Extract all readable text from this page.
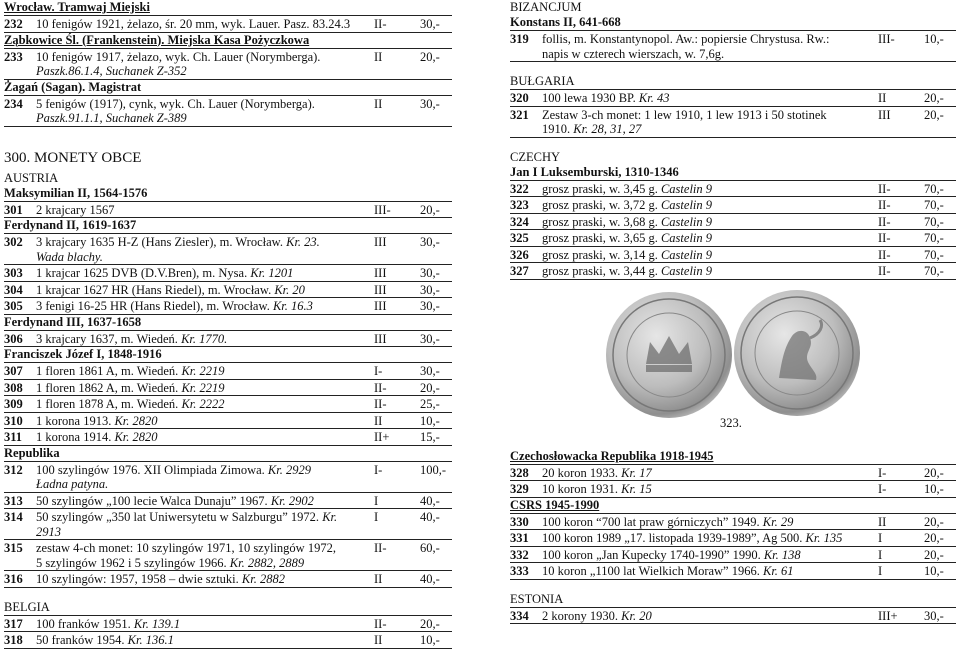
Wrocław. Tramwaj Miejski
232	10 fenigów 1921, żelazo, śr. 20 mm, wyk. Lauer. Pasz. 83.24.3	II-	30,-
Ząbkowice Śl. (Frankenstein). Miejska Kasa Pożyczkowa
233	10 fenigów 1917, żelazo, wyk. Ch. Lauer (Norymberga).
Paszk.86.1.4, Suchanek Z-352
II	20,-
Żagań (Sagan). Magistrat
234	5 fenigów (1917), cynk, wyk. Ch. Lauer (Norymberga).
Paszk.91.1.1, Suchanek Z-389
II	30,-
300. MONETY OBCE
AUSTRIA
Maksymilian II, 1564-1576
301	2 krajcary 1567	III-	20,-
Ferdynand II, 1619-1637
302	3 krajcary 1635 H-Z (Hans Ziesler), m. Wrocław. Kr. 23.
Wada blachy.
III	30,-
303	1 krajcar 1625 DVB (D.V.Bren), m. Nysa. Kr. 1201	III	30,-
304	1 krajcar 1627 HR (Hans Riedel), m. Wrocław. Kr. 20	III	30,-
305	3 fenigi 16-25 HR (Hans Riedel), m. Wrocław. Kr. 16.3	III	30,-
Ferdynand III, 1637-1658
306	3 krajcary 1637, m. Wiedeń. Kr. 1770.	III	30,-
Franciszek Józef I, 1848-1916
307	1 floren 1861 A, m. Wiedeń. Kr. 2219	I-	30,-
308	1 floren 1862 A, m. Wiedeń. Kr. 2219	II-	20,-
309	1 floren 1878 A, m. Wiedeń. Kr. 2222	II-	25,-
310	1 korona 1913. Kr. 2820	II	10,-
311	1 korona 1914. Kr. 2820	II+	15,-
Republika
312	100 szylingów 1976. XII Olimpiada Zimowa. Kr. 2929
Ładna patyna.
I-	100,-
313	50 szylingów „100 lecie Walca Dunaju” 1967. Kr. 2902	I	40,-
314	50 szylingów „350 lat Uniwersytetu w Salzburgu” 1972. Kr.
2913
I	40,-
315	zestaw 4-ch monet: 10 szylingów 1971, 10 szylingów 1972,
5 szylingów 1962 i 5 szylingów 1966. Kr. 2882, 2889
II-	60,-
316	10 szylingów: 1957, 1958 – dwie sztuki. Kr. 2882	II	40,-
BELGIA
317	100 franków 1951. Kr. 139.1	II-	20,-
318	50 franków 1954. Kr. 136.1	II	10,-
BIZANCJUM
Konstans II, 641-668
319	follis, m. Konstantynopol. Aw.: popiersie Chrystusa. Rw.:
napis w czterech wierszach, w. 7,6g.
III-	10,-
BUŁGARIA
320	100 lewa 1930 BP. Kr. 43	II	20,-
321	Zestaw 3-ch monet: 1 lew 1910, 1 lew 1913 i 50 stotinek
1910. Kr. 28, 31, 27
III	20,-
CZECHY
Jan I Luksemburski, 1310-1346
322	grosz praski, w. 3,45 g. Castelin 9	II-	70,-
323	grosz praski, w. 3,72 g. Castelin 9	II-	70,-
324	grosz praski, w. 3,68 g. Castelin 9	II-	70,-
325	grosz praski, w. 3,65 g. Castelin 9	II-	70,-
326	grosz praski, w. 3,14 g. Castelin 9	II-	70,-
327	grosz praski, w. 3,44 g. Castelin 9	II-	70,-
Czechosłowacka Republika 1918-1945
328	20 koron 1933. Kr. 17	I-	20,-
329	10 koron 1931. Kr. 15	I-	10,-
CSRS 1945-1990
330	100 koron “700 lat praw górniczych” 1949. Kr. 29	II	20,-
331	100 koron 1989 „17. listopada 1939-1989”, Ag 500. Kr. 135	I	20,-
332	100 koron „Jan Kupecky 1740-1990” 1990. Kr. 138	I	20,-
333	10 koron „1100 lat Wielkich Moraw” 1966. Kr. 61	I	10,-
ESTONIA
334	2 korony 1930. Kr. 20	III+	30,-
323.
